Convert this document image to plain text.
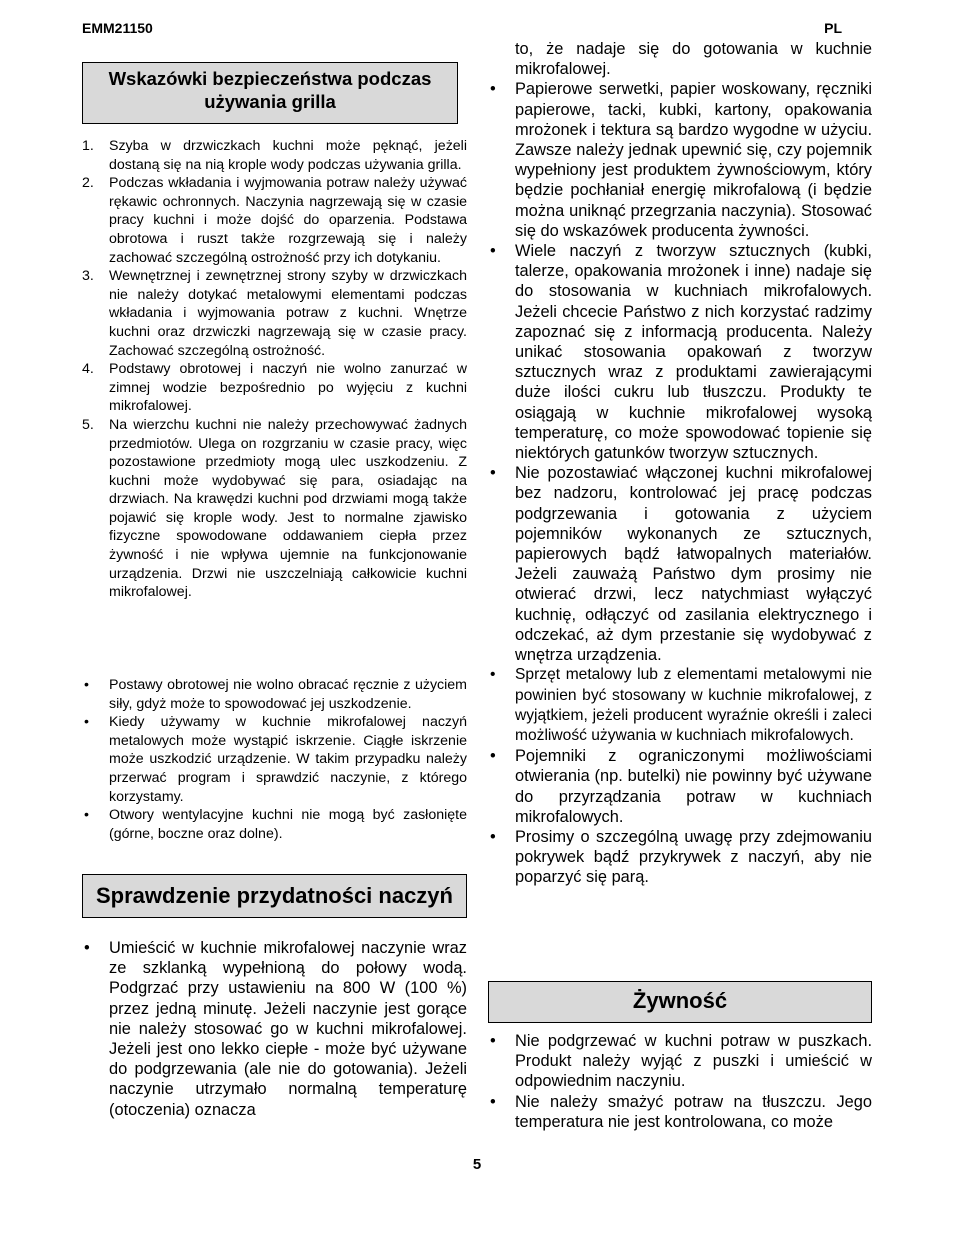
EMM21150	PL
Wskazówki bezpieczeństwa podczas
używania grilla
1. Szyba w drzwiczkach kuchni może pęknąć, jeżeli dostaną się na nią krople wody podczas używania grilla.
2. Podczas wkładania i wyjmowania potraw należy używać rękawic ochronnych. Naczynia nagrzewają się w czasie pracy kuchni i może dojść do oparzenia. Podstawa obrotowa i ruszt także rozgrzewają się i należy zachować szczególną ostrożność przy ich dotykaniu.
3. Wewnętrznej i zewnętrznej strony szyby w drzwiczkach nie należy dotykać metalowymi elementami podczas wkładania i wyjmowania potraw z kuchni. Wnętrze kuchni oraz drzwiczki nagrzewają się w czasie pracy. Zachować szczególną ostrożność.
4. Podstawy obrotowej i naczyń nie wolno zanurzać w zimnej wodzie bezpośrednio po wyjęciu z kuchni mikrofalowej.
5. Na wierzchu kuchni nie należy przechowywać żadnych przedmiotów. Ulega on rozgrzaniu w czasie pracy, więc pozostawione przedmioty mogą ulec uszkodzeniu. Z kuchni może wydobywać się para, osiadając na drzwiach. Na krawędzi kuchni pod drzwiami mogą także pojawić się krople wody. Jest to normalne zjawisko fizyczne spowodowane oddawaniem ciepła przez żywność i nie wpływa ujemnie na funkcjonowanie urządzenia. Drzwi nie uszczelniają całkowicie kuchni mikrofalowej.
• Postawy obrotowej nie wolno obracać ręcznie z użyciem siły, gdyż może to spowodować jej uszkodzenie.
• Kiedy używamy w kuchnie mikrofalowej naczyń metalowych może wystąpić iskrzenie. Ciągłe iskrzenie może uszkodzić urządzenie. W takim przypadku należy przerwać program i sprawdzić naczynie, z którego korzystamy.
• Otwory wentylacyjne kuchni nie mogą być zasłonięte (górne, boczne oraz dolne).
Sprawdzenie przydatności naczyń
• Umieścić w kuchnie mikrofalowej naczynie wraz ze szklanką wypełnioną do połowy wodą. Podgrzać przy ustawieniu na 800 W (100 %) przez jedną minutę. Jeżeli naczynie jest gorące nie należy stosować go w kuchni mikrofalowej. Jeżeli jest ono lekko ciepłe - może być używane do podgrzewania (ale nie do gotowania). Jeżeli naczynie utrzymało normalną temperaturę (otoczenia) oznacza
to, że nadaje się do gotowania w kuchnie mikrofalowej.
• Papierowe serwetki, papier woskowany, ręczniki papierowe, tacki, kubki, kartony, opakowania mrożonek i tektura są bardzo wygodne w użyciu. Zawsze należy jednak upewnić się, czy pojemnik wypełniony jest produktem żywnościowym, który będzie pochłaniał energię mikrofalową (i będzie można uniknąć przegrzania naczynia). Stosować się do wskazówek producenta żywności.
• Wiele naczyń z tworzyw sztucznych (kubki, talerze, opakowania mrożonek i inne) nadaje się do stosowania w kuchniach mikrofalowych. Jeżeli chcecie Państwo z nich korzystać radzimy zapoznać się z informacją producenta. Należy unikać stosowania opakowań z tworzyw sztucznych wraz z produktami zawierającymi duże ilości cukru lub tłuszczu. Produkty te osiągają w kuchnie mikrofalowej wysoką temperaturę, co może spowodować topienie się niektórych gatunków tworzyw sztucznych.
• Nie pozostawiać włączonej kuchni mikrofalowej bez nadzoru, kontrolować jej pracę podczas podgrzewania i gotowania z użyciem pojemników wykonanych ze sztucznych, papierowych bądź łatwopalnych materiałów. Jeżeli zauważą Państwo dym prosimy nie otwierać drzwi, lecz natychmiast wyłączyć kuchnię, odłączyć od zasilania elektrycznego i odczekać, aż dym przestanie się wydobywać z wnętrza urządzenia.
• Sprzęt metalowy lub z elementami metalowymi nie powinien być stosowany w kuchnie mikrofalowej, z wyjątkiem, jeżeli producent wyraźnie określi i zaleci możliwość używania w kuchniach mikrofalowych.
• Pojemniki z ograniczonymi możliwościami otwierania (np. butelki) nie powinny być używane do przyrządzania potraw w kuchniach mikrofalowych.
• Prosimy o szczególną uwagę przy zdejmowaniu pokrywek bądź przykrywek z naczyń, aby nie poparzyć się parą.
Żywność
• Nie podgrzewać w kuchni potraw w puszkach. Produkt należy wyjąć z puszki i umieścić w odpowiednim naczyniu.
• Nie należy smażyć potraw na tłuszczu. Jego temperatura nie jest kontrolowana, co może
5
